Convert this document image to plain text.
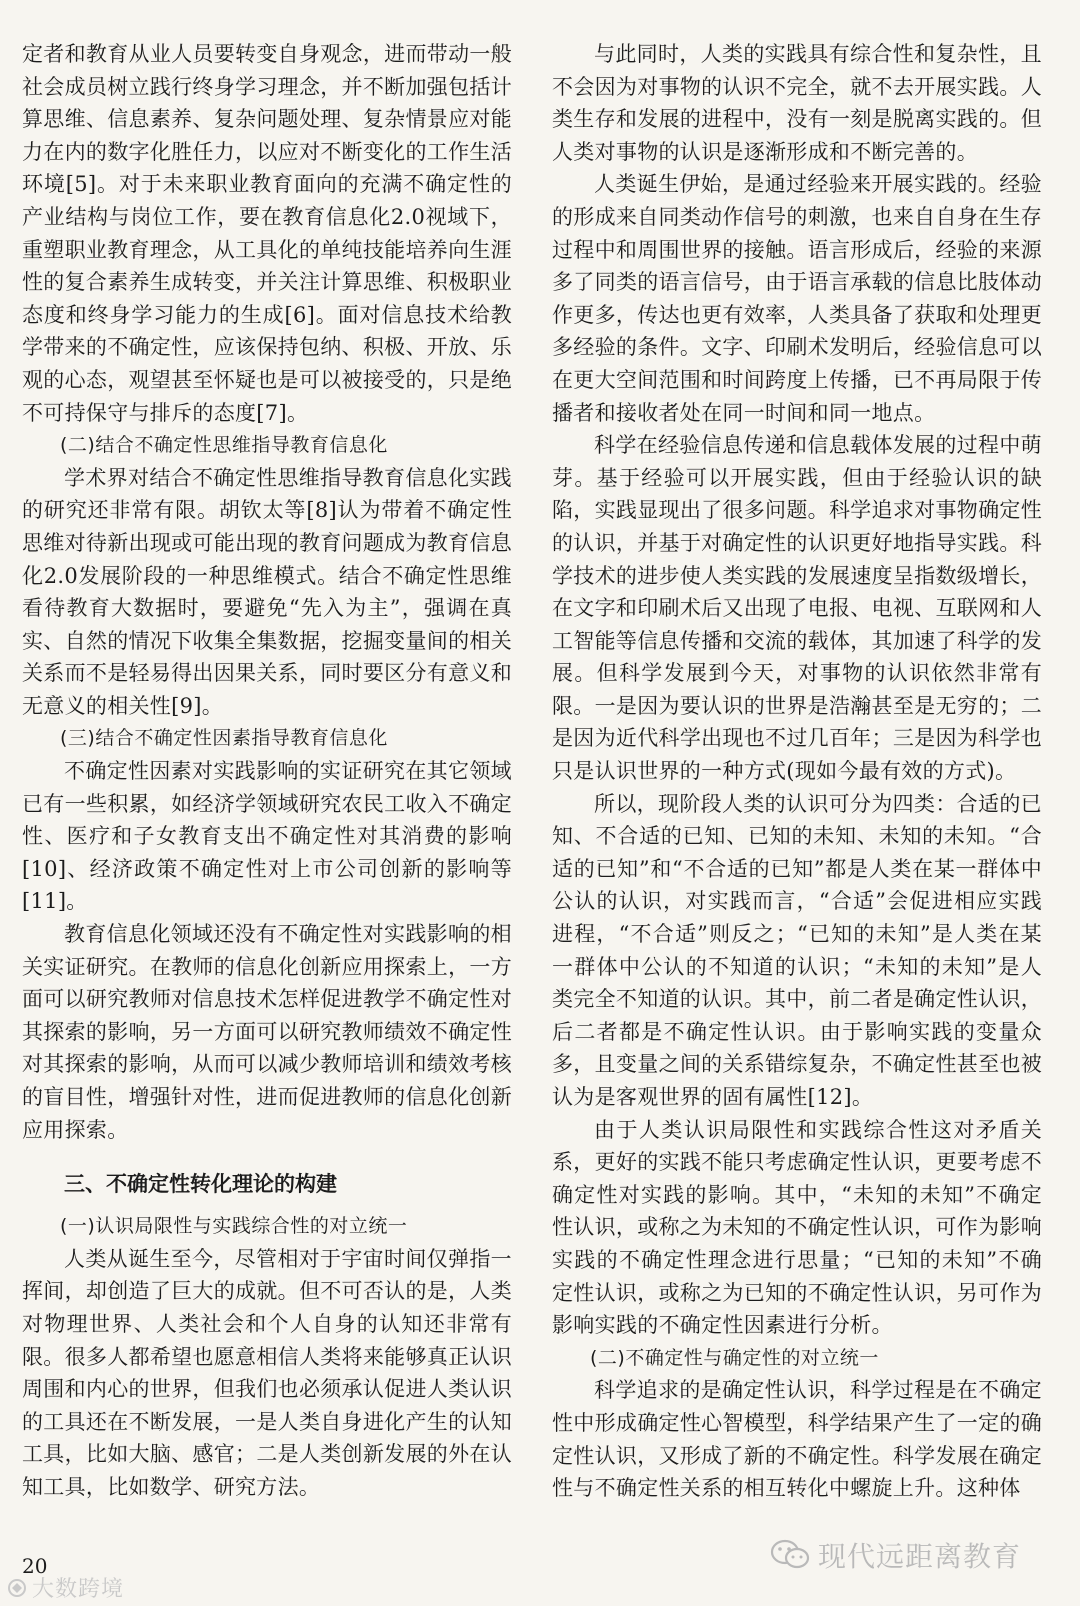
定者和教育从业人员要转变自身观念，进而带动一般社会成员树立践行终身学习理念，并不断加强包括计算思维、信息素养、复杂问题处理、复杂情景应对能力在内的数字化胜任力，以应对不断变化的工作生活环境[5]。对于未来职业教育面向的充满不确定性的产业结构与岗位工作，要在教育信息化2.0视域下，重塑职业教育理念，从工具化的单纯技能培养向生涯性的复合素养生成转变，并关注计算思维、积极职业态度和终身学习能力的生成[6]。面对信息技术给教学带来的不确定性，应该保持包纳、积极、开放、乐观的心态，观望甚至怀疑也是可以被接受的，只是绝不可持保守与排斥的态度[7]。

(二)结合不确定性思维指导教育信息化

学术界对结合不确定性思维指导教育信息化实践的研究还非常有限。胡钦太等[8]认为带着不确定性思维对待新出现或可能出现的教育问题成为教育信息化2.0发展阶段的一种思维模式。结合不确定性思维看待教育大数据时，要避免“先入为主”，强调在真实、自然的情况下收集全集数据，挖掘变量间的相关关系而不是轻易得出因果关系，同时要区分有意义和无意义的相关性[9]。

(三)结合不确定性因素指导教育信息化

不确定性因素对实践影响的实证研究在其它领域已有一些积累，如经济学领域研究农民工收入不确定性、医疗和子女教育支出不确定性对其消费的影响[10]、经济政策不确定性对上市公司创新的影响等[11]。

教育信息化领域还没有不确定性对实践影响的相关实证研究。在教师的信息化创新应用探索上，一方面可以研究教师对信息技术怎样促进教学不确定性对其探索的影响，另一方面可以研究教师绩效不确定性对其探索的影响，从而可以减少教师培训和绩效考核的盲目性，增强针对性，进而促进教师的信息化创新应用探索。

三、不确定性转化理论的构建
(一)认识局限性与实践综合性的对立统一

人类从诞生至今，尽管相对于宇宙时间仅弹指一挥间，却创造了巨大的成就。但不可否认的是，人类对物理世界、人类社会和个人自身的认知还非常有限。很多人都希望也愿意相信人类将来能够真正认识周围和内心的世界，但我们也必须承认促进人类认识的工具还在不断发展，一是人类自身进化产生的认知工具，比如大脑、感官；二是人类创新发展的外在认知工具，比如数学、研究方法。

与此同时，人类的实践具有综合性和复杂性，且不会因为对事物的认识不完全，就不去开展实践。人类生存和发展的进程中，没有一刻是脱离实践的。但人类对事物的认识是逐渐形成和不断完善的。

人类诞生伊始，是通过经验来开展实践的。经验的形成来自同类动作信号的刺激，也来自自身在生存过程中和周围世界的接触。语言形成后，经验的来源多了同类的语言信号，由于语言承载的信息比肢体动作更多，传达也更有效率，人类具备了获取和处理更多经验的条件。文字、印刷术发明后，经验信息可以在更大空间范围和时间跨度上传播，已不再局限于传播者和接收者处在同一时间和同一地点。

科学在经验信息传递和信息载体发展的过程中萌芽。基于经验可以开展实践，但由于经验认识的缺陷，实践显现出了很多问题。科学追求对事物确定性的认识，并基于对确定性的认识更好地指导实践。科学技术的进步使人类实践的发展速度呈指数级增长，在文字和印刷术后又出现了电报、电视、互联网和人工智能等信息传播和交流的载体，其加速了科学的发展。但科学发展到今天，对事物的认识依然非常有限。一是因为要认识的世界是浩瀚甚至是无穷的；二是因为近代科学出现也不过几百年；三是因为科学也只是认识世界的一种方式(现如今最有效的方式)。

所以，现阶段人类的认识可分为四类：合适的已知、不合适的已知、已知的未知、未知的未知。“合适的已知”和“不合适的已知”都是人类在某一群体中公认的认识，对实践而言，“合适”会促进相应实践进程，“不合适”则反之；“已知的未知”是人类在某一群体中公认的不知道的认识；“未知的未知”是人类完全不知道的认识。其中，前二者是确定性认识，后二者都是不确定性认识。由于影响实践的变量众多，且变量之间的关系错综复杂，不确定性甚至也被认为是客观世界的固有属性[12]。

由于人类认识局限性和实践综合性这对矛盾关系，更好的实践不能只考虑确定性认识，更要考虑不确定性对实践的影响。其中，“未知的未知”不确定性认识，或称之为未知的不确定性认识，可作为影响实践的不确定性理念进行思量；“已知的未知”不确定性认识，或称之为已知的不确定性认识，另可作为影响实践的不确定性因素进行分析。

(二)不确定性与确定性的对立统一

科学追求的是确定性认识，科学过程是在不确定性中形成确定性心智模型，科学结果产生了一定的确定性认识，又形成了新的不确定性。科学发展在确定性与不确定性关系的相互转化中螺旋上升。这种体

20
大数跨境
现代远距离教育
